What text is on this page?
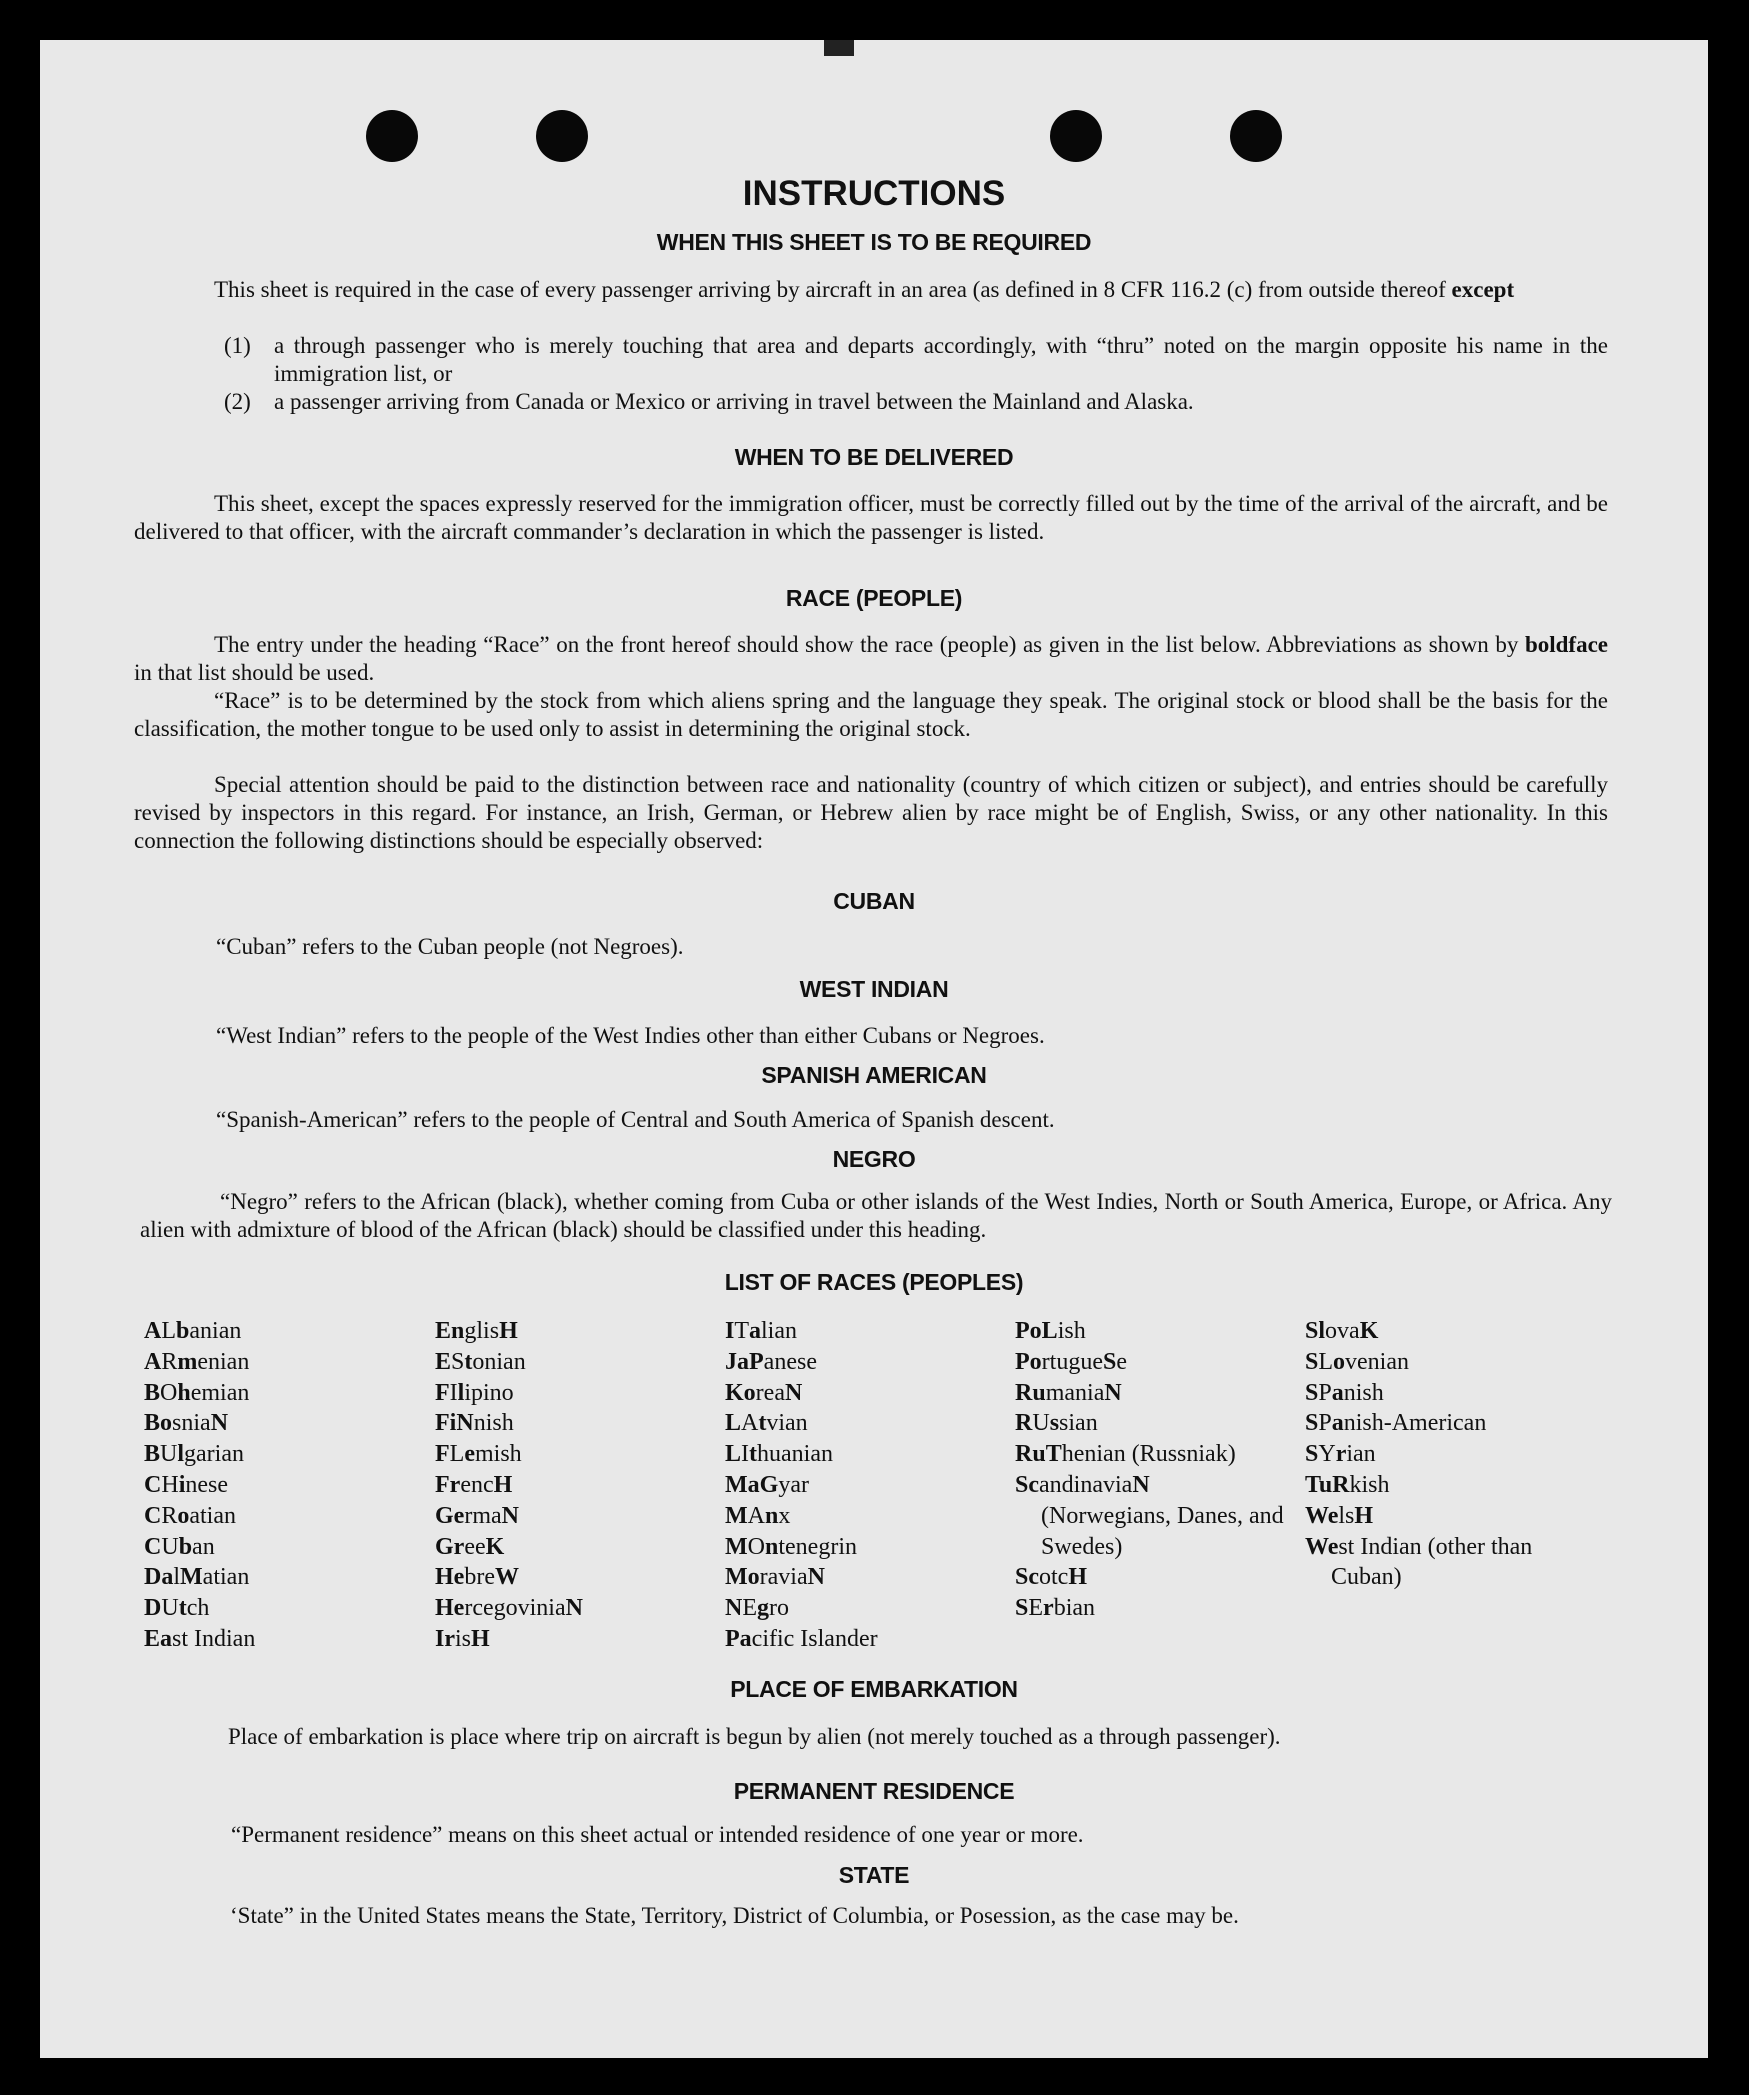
INSTRUCTIONS
WHEN THIS SHEET IS TO BE REQUIRED

This sheet is required in the case of every passenger arriving by aircraft in an area (as defined in 8 CFR 116.2 (c) from outside thereof except

(1)	a through passenger who is merely touching that area and departs accordingly, with “thru” noted on the margin opposite his name in the immigration list, or
(2)	a passenger arriving from Canada or Mexico or arriving in travel between the Mainland and Alaska.
WHEN TO BE DELIVERED

This sheet, except the spaces expressly reserved for the immigration officer, must be correctly filled out by the time of the arrival of the aircraft, and be delivered to that officer, with the aircraft commander’s declaration in which the passenger is listed.

RACE (PEOPLE)

The entry under the heading “Race” on the front hereof should show the race (people) as given in the list below. Abbreviations as shown by boldface in that list should be used.

“Race” is to be determined by the stock from which aliens spring and the language they speak. The original stock or blood shall be the basis for the classification, the mother tongue to be used only to assist in determining the original stock.

Special attention should be paid to the distinction between race and nationality (country of which citizen or subject), and entries should be carefully revised by inspectors in this regard. For instance, an Irish, German, or Hebrew alien by race might be of English, Swiss, or any other nationality. In this connection the following distinctions should be especially observed:

CUBAN
“Cuban” refers to the Cuban people (not Negroes).
WEST INDIAN
“West Indian” refers to the people of the West Indies other than either Cubans or Negroes.
SPANISH AMERICAN
“Spanish-American” refers to the people of Central and South America of Spanish descent.
NEGRO

“Negro” refers to the African (black), whether coming from Cuba or other islands of the West Indies, North or South America, Europe, or Africa. Any alien with admixture of blood of the African (black) should be classified under this heading.

LIST OF RACES (PEOPLES)
ALbanian
ARmenian
BOhemian
BosniaN
BUlgarian
CHinese
CRoatian
CUban
DalMatian
DUtch
East Indian
EnglisH
EStonian
FIlipino
FiNnish
FLemish
FrencH
GermaN
GreeK
HebreW
HercegoviniaN
IrisH
ITalian
JaPanese
KoreaN
LAtvian
LIthuanian
MaGyar
MAnx
MOntenegrin
MoraviaN
NEgro
Pacific Islander
PoLish
PortugueSe
RumaniaN
RUssian
RuThenian (Russniak)
ScandinaviaN (Norwegians, Danes, and Swedes)
ScotcH
SErbian
SlovaK
SLovenian
SPanish
SPanish-American
SYrian
TuRkish
WelsH
West Indian (other than Cuban)
PLACE OF EMBARKATION

Place of embarkation is place where trip on aircraft is begun by alien (not merely touched as a through passenger).

PERMANENT RESIDENCE
“Permanent residence” means on this sheet actual or intended residence of one year or more.
STATE

‘State” in the United States means the State, Territory, District of Columbia, or Posession, as the case may be.
